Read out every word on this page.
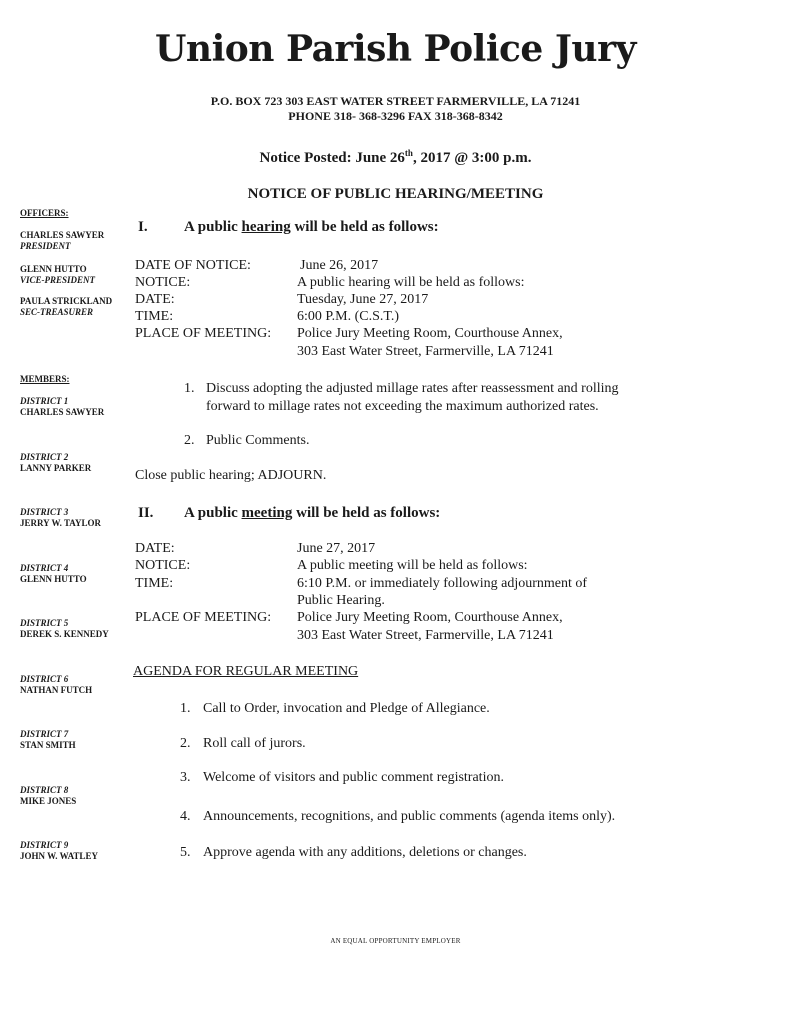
Union Parish Police Jury
P.O. BOX 723 303 EAST WATER STREET FARMERVILLE, LA 71241
PHONE 318- 368-3296 FAX 318-368-8342
Notice Posted: June 26th, 2017 @ 3:00 p.m.
NOTICE OF PUBLIC HEARING/MEETING
OFFICERS:
CHARLES SAWYER
PRESIDENT
GLENN HUTTO
VICE-PRESIDENT
PAULA STRICKLAND
SEC-TREASURER
MEMBERS:
DISTRICT 1
CHARLES SAWYER
DISTRICT 2
LANNY PARKER
DISTRICT 3
JERRY W. TAYLOR
DISTRICT 4
GLENN HUTTO
DISTRICT 5
DEREK S. KENNEDY
DISTRICT 6
NATHAN FUTCH
DISTRICT 7
STAN SMITH
DISTRICT 8
MIKE JONES
DISTRICT 9
JOHN W. WATLEY
I. A public hearing will be held as follows:
DATE OF NOTICE:	June 26, 2017
NOTICE:	A public hearing will be held as follows:
DATE:	Tuesday, June 27, 2017
TIME:	6:00 P.M. (C.S.T.)
PLACE OF MEETING: Police Jury Meeting Room, Courthouse Annex,
303 East Water Street, Farmerville, LA 71241
1. Discuss adopting the adjusted millage rates after reassessment and rolling
forward to millage rates not exceeding the maximum authorized rates.
2. Public Comments.
Close public hearing; ADJOURN.
II. A public meeting will be held as follows:
DATE:	June 27, 2017
NOTICE:	A public meeting will be held as follows:
TIME:	6:10 P.M. or immediately following adjournment of
Public Hearing.
PLACE OF MEETING: Police Jury Meeting Room, Courthouse Annex,
303 East Water Street, Farmerville, LA 71241
AGENDA FOR REGULAR MEETING
1. Call to Order, invocation and Pledge of Allegiance.
2. Roll call of jurors.
3. Welcome of visitors and public comment registration.
4. Announcements, recognitions, and public comments (agenda items only).
5. Approve agenda with any additions, deletions or changes.
AN EQUAL OPPORTUNITY EMPLOYER
